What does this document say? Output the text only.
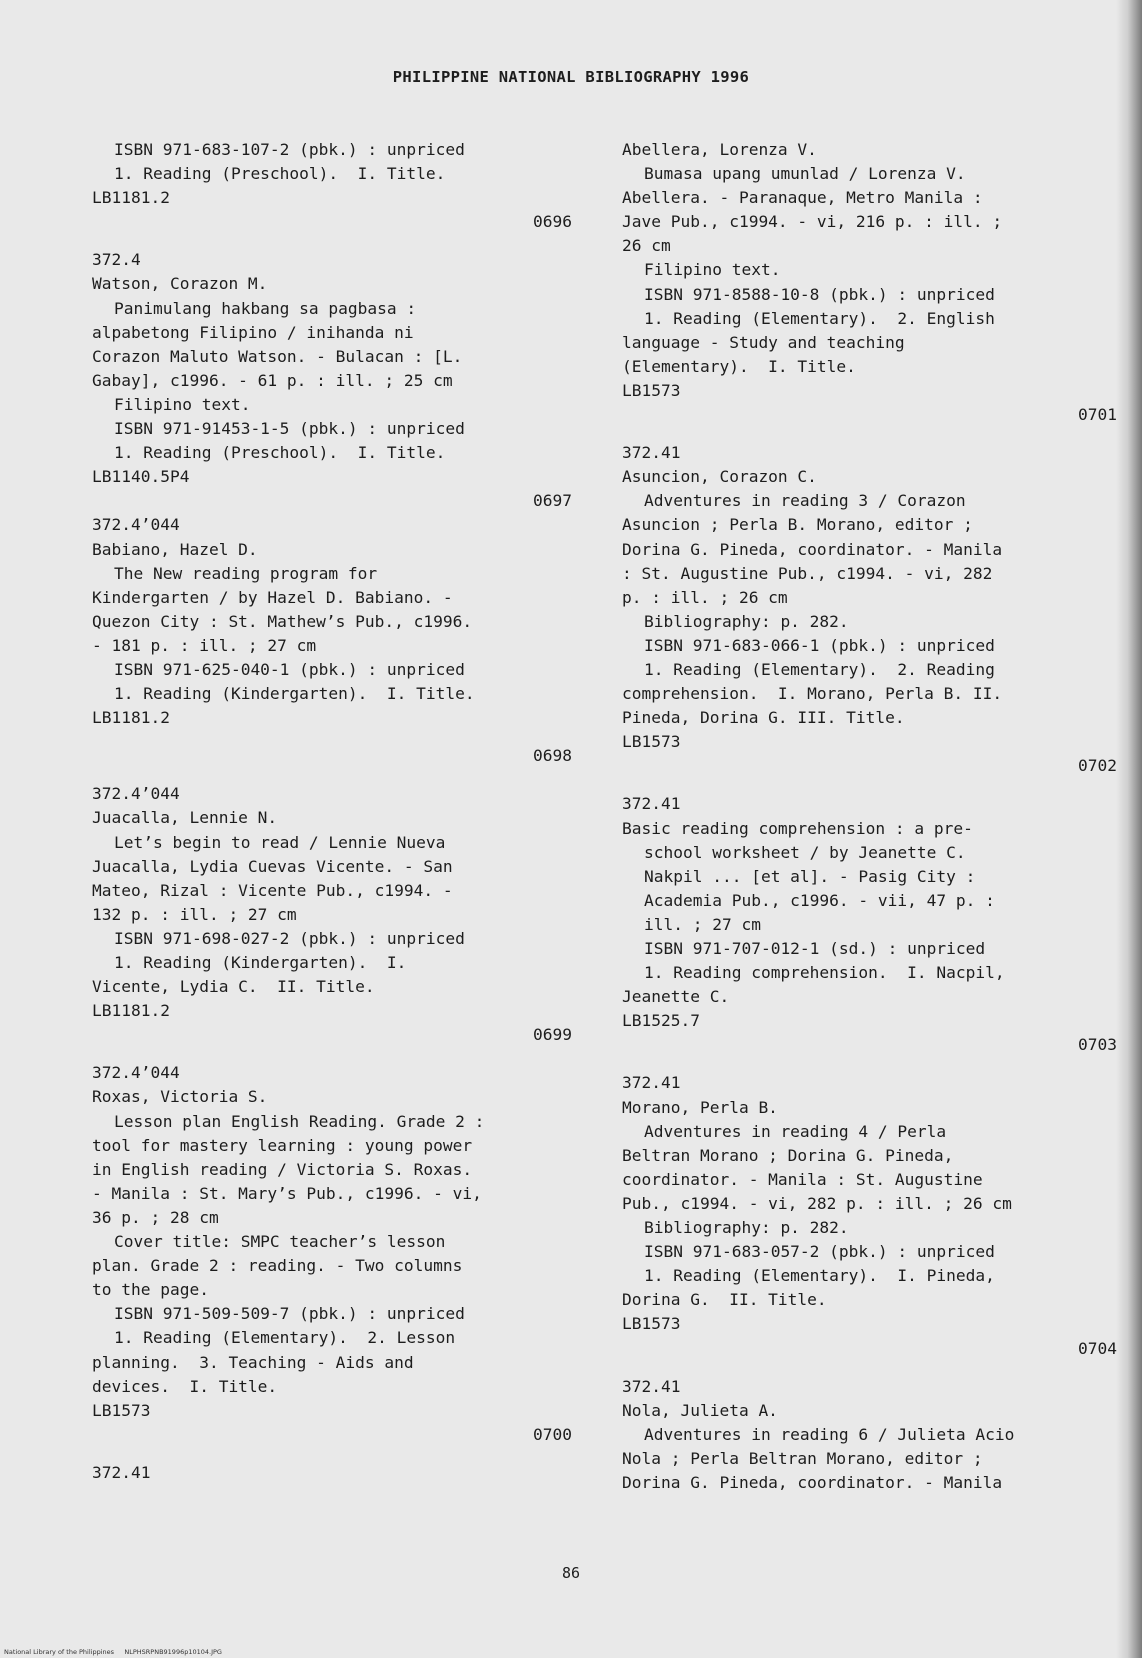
PHILIPPINE NATIONAL BIBLIOGRAPHY 1996
ISBN 971-683-107-2 (pbk.) : unpriced
1. Reading (Preschool).  I. Title.
LB1181.2
0696
372.4
Watson, Corazon M.
Panimulang hakbang sa pagbasa :
alpabetong Filipino / inihanda ni
Corazon Maluto Watson. - Bulacan : [L.
Gabay], c1996. - 61 p. : ill. ; 25 cm
Filipino text.
ISBN 971-91453-1-5 (pbk.) : unpriced
1. Reading (Preschool).  I. Title.
LB1140.5P4
0697
372.4’044
Babiano, Hazel D.
The New reading program for
Kindergarten / by Hazel D. Babiano. -
Quezon City : St. Mathew’s Pub., c1996.
- 181 p. : ill. ; 27 cm
ISBN 971-625-040-1 (pbk.) : unpriced
1. Reading (Kindergarten).  I. Title.
LB1181.2
0698
372.4’044
Juacalla, Lennie N.
Let’s begin to read / Lennie Nueva
Juacalla, Lydia Cuevas Vicente. - San
Mateo, Rizal : Vicente Pub., c1994. -
132 p. : ill. ; 27 cm
ISBN 971-698-027-2 (pbk.) : unpriced
1. Reading (Kindergarten).  I.
Vicente, Lydia C.  II. Title.
LB1181.2
0699
372.4’044
Roxas, Victoria S.
Lesson plan English Reading. Grade 2 :
tool for mastery learning : young power
in English reading / Victoria S. Roxas.
- Manila : St. Mary’s Pub., c1996. - vi,
36 p. ; 28 cm
Cover title: SMPC teacher’s lesson
plan. Grade 2 : reading. - Two columns
to the page.
ISBN 971-509-509-7 (pbk.) : unpriced
1. Reading (Elementary).  2. Lesson
planning.  3. Teaching - Aids and
devices.  I. Title.
LB1573
0700
372.41
Abellera, Lorenza V.
Bumasa upang umunlad / Lorenza V.
Abellera. - Paranaque, Metro Manila :
Jave Pub., c1994. - vi, 216 p. : ill. ;
26 cm
Filipino text.
ISBN 971-8588-10-8 (pbk.) : unpriced
1. Reading (Elementary).  2. English
language - Study and teaching
(Elementary).  I. Title.
LB1573
0701
372.41
Asuncion, Corazon C.
Adventures in reading 3 / Corazon
Asuncion ; Perla B. Morano, editor ;
Dorina G. Pineda, coordinator. - Manila
: St. Augustine Pub., c1994. - vi, 282
p. : ill. ; 26 cm
Bibliography: p. 282.
ISBN 971-683-066-1 (pbk.) : unpriced
1. Reading (Elementary).  2. Reading
comprehension.  I. Morano, Perla B. II.
Pineda, Dorina G. III. Title.
LB1573
0702
372.41
Basic reading comprehension : a pre-
school worksheet / by Jeanette C.
Nakpil ... [et al]. - Pasig City :
Academia Pub., c1996. - vii, 47 p. :
ill. ; 27 cm
ISBN 971-707-012-1 (sd.) : unpriced
1. Reading comprehension.  I. Nacpil,
Jeanette C.
LB1525.7
0703
372.41
Morano, Perla B.
Adventures in reading 4 / Perla
Beltran Morano ; Dorina G. Pineda,
coordinator. - Manila : St. Augustine
Pub., c1994. - vi, 282 p. : ill. ; 26 cm
Bibliography: p. 282.
ISBN 971-683-057-2 (pbk.) : unpriced
1. Reading (Elementary).  I. Pineda,
Dorina G.  II. Title.
LB1573
0704
372.41
Nola, Julieta A.
Adventures in reading 6 / Julieta Acio
Nola ; Perla Beltran Morano, editor ;
Dorina G. Pineda, coordinator. - Manila
86
National Library of the Philippines     NLPHSRPNB91996p10104.JPG
